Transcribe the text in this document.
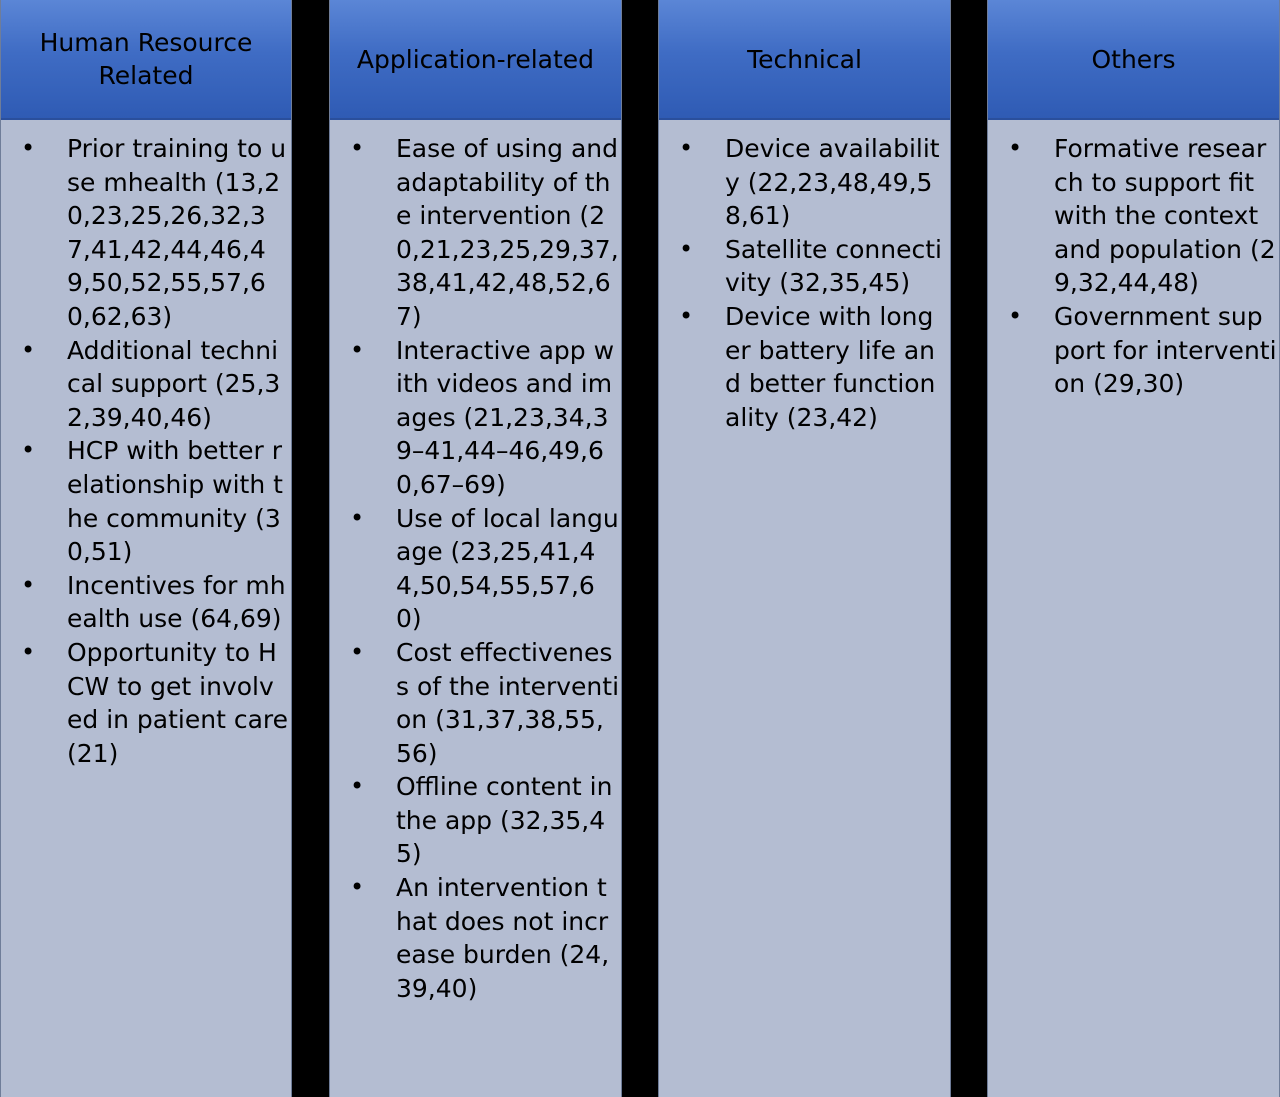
Human Resource Related
• Prior training to use mhealth (13,20,23,25,26,32,37,41,42,44,46,49,50,52,55,57,60,62,63)
• Additional technical support (25,32,39,40,46)
• HCP with better relationship with the community (30,51)
• Incentives for mhealth use (64,69)
• Opportunity to HCW to get involved in patient care (21)
Application-related
• Ease of using and adaptability of the intervention (20,21,23,25,29,37,38,41,42,48,52,67)
• Interactive app with videos and images (21,23,34,39–41,44–46,49,60,67–69)
• Use of local language (23,25,41,44,50,54,55,57,60)
• Cost effectiveness of the intervention (31,37,38,55,56)
• Offline content in the app (32,35,45)
• An intervention that does not increase burden (24,39,40)
Technical
• Device availability (22,23,48,49,58,61)
• Satellite connectivity (32,35,45)
• Device with longer battery life and better functionality (23,42)
Others
• Formative research to support fit with the context and population (29,32,44,48)
• Government support for intervention (29,30)
